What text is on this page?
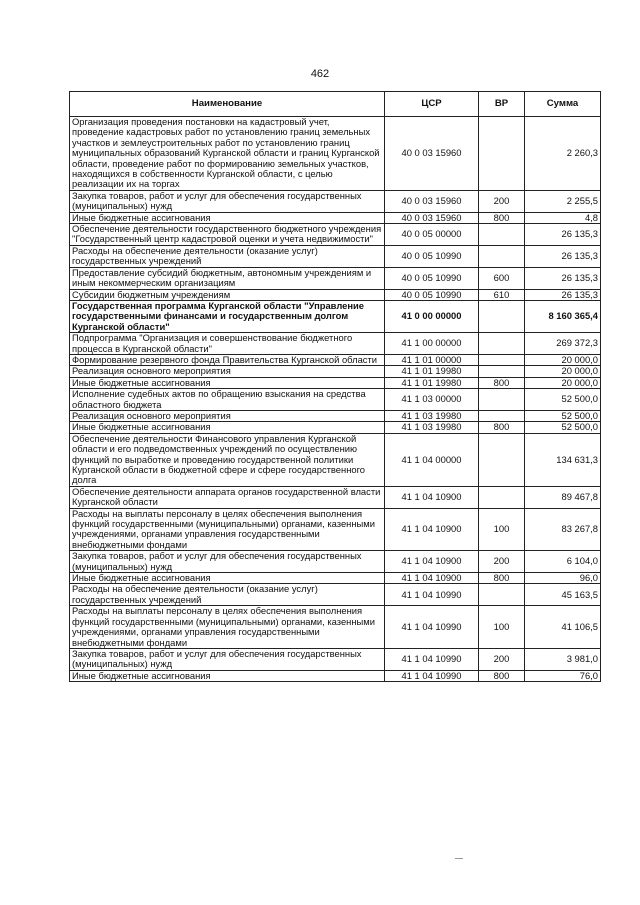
462
Наименование	ЦСР	ВР	Сумма
Организация проведения постановки на кадастровый учет, проведение кадастровых работ по установлению границ земельных участков и землеустроительных работ по установлению границ муниципальных образований Курганской области и границ Курганской области, проведение работ по формированию земельных участков, находящихся в собственности Курганской области, с целью реализации их на торгах	40 0 03 15960		2 260,3
Закупка товаров, работ и услуг для обеспечения государственных (муниципальных) нужд	40 0 03 15960	200	2 255,5
Иные бюджетные ассигнования	40 0 03 15960	800	4,8
Обеспечение деятельности государственного бюджетного учреждения "Государственный центр кадастровой оценки и учета недвижимости"	40 0 05 00000		26 135,3
Расходы на обеспечение деятельности (оказание услуг) государственных учреждений	40 0 05 10990		26 135,3
Предоставление субсидий бюджетным, автономным учреждениям и иным некоммерческим организациям	40 0 05 10990	600	26 135,3
Субсидии бюджетным учреждениям	40 0 05 10990	610	26 135,3
Государственная программа Курганской области "Управление государственными финансами и государственным долгом Курганской области"	41 0 00 00000		8 160 365,4
Подпрограмма "Организация и совершенствование бюджетного процесса в Курганской области"	41 1 00 00000		269 372,3
Формирование резервного фонда Правительства Курганской области	41 1 01 00000		20 000,0
Реализация основного мероприятия	41 1 01 19980		20 000,0
Иные бюджетные ассигнования	41 1 01 19980	800	20 000,0
Исполнение судебных актов по обращению взыскания на средства областного бюджета	41 1 03 00000		52 500,0
Реализация основного мероприятия	41 1 03 19980		52 500,0
Иные бюджетные ассигнования	41 1 03 19980	800	52 500,0
Обеспечение деятельности Финансового управления Курганской области и его подведомственных учреждений по осуществлению функций по выработке и проведению государственной политики Курганской области в бюджетной сфере и сфере государственного долга	41 1 04 00000		134 631,3
Обеспечение деятельности аппарата органов государственной власти Курганской области	41 1 04 10900		89 467,8
Расходы на выплаты персоналу в целях обеспечения выполнения функций государственными (муниципальными) органами, казенными учреждениями, органами управления государственными внебюджетными фондами	41 1 04 10900	100	83 267,8
Закупка товаров, работ и услуг для обеспечения государственных (муниципальных) нужд	41 1 04 10900	200	6 104,0
Иные бюджетные ассигнования	41 1 04 10900	800	96,0
Расходы на обеспечение деятельности (оказание услуг) государственных учреждений	41 1 04 10990		45 163,5
Расходы на выплаты персоналу в целях обеспечения выполнения функций государственными (муниципальными) органами, казенными учреждениями, органами управления государственными внебюджетными фондами	41 1 04 10990	100	41 106,5
Закупка товаров, работ и услуг для обеспечения государственных (муниципальных) нужд	41 1 04 10990	200	3 981,0
Иные бюджетные ассигнования	41 1 04 10990	800	76,0
